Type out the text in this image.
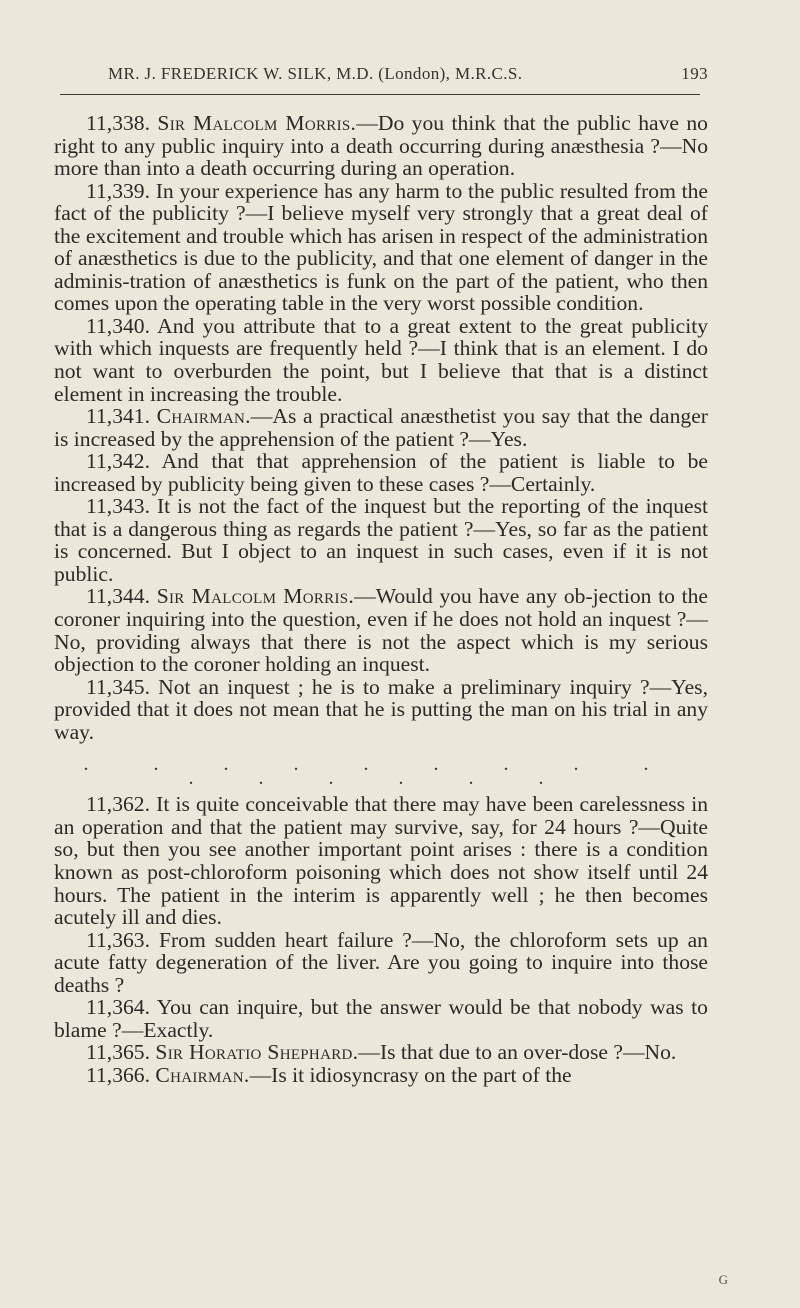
MR. J. FREDERICK W. SILK, M.D. (London), M.R.C.S.	193

11,338. Sir Malcolm Morris.—Do you think that the public have no right to any public inquiry into a death occurring during anæsthesia ?—No more than into a death occurring during an operation.

11,339. In your experience has any harm to the public resulted from the fact of the publicity ?—I believe myself very strongly that a great deal of the excitement and trouble which has arisen in respect of the administration of anæsthetics is due to the publicity, and that one element of danger in the adminis-tration of anæsthetics is funk on the part of the patient, who then comes upon the operating table in the very worst possible condition.

11,340. And you attribute that to a great extent to the great publicity with which inquests are frequently held ?—I think that is an element. I do not want to overburden the point, but I believe that that is a distinct element in increasing the trouble.

11,341. Chairman.—As a practical anæsthetist you say that the danger is increased by the apprehension of the patient ?—Yes.

11,342. And that that apprehension of the patient is liable to be increased by publicity being given to these cases ?—Certainly.

11,343. It is not the fact of the inquest but the reporting of the inquest that is a dangerous thing as regards the patient ?—Yes, so far as the patient is concerned. But I object to an inquest in such cases, even if it is not public.

11,344. Sir Malcolm Morris.—Would you have any ob-jection to the coroner inquiring into the question, even if he does not hold an inquest ?—No, providing always that there is not the aspect which is my serious objection to the coroner holding an inquest.

11,345. Not an inquest ; he is to make a preliminary inquiry ?—Yes, provided that it does not mean that he is putting the man on his trial in any way.

. . . . . . . . . . . . . . .

11,362. It is quite conceivable that there may have been carelessness in an operation and that the patient may survive, say, for 24 hours ?—Quite so, but then you see another important point arises : there is a condition known as post-chloroform poisoning which does not show itself until 24 hours. The patient in the interim is apparently well ; he then becomes acutely ill and dies.

11,363. From sudden heart failure ?—No, the chloroform sets up an acute fatty degeneration of the liver. Are you going to inquire into those deaths ?

11,364. You can inquire, but the answer would be that nobody was to blame ?—Exactly.

11,365. Sir Horatio Shephard.—Is that due to an over-dose ?—No.

11,366. Chairman.—Is it idiosyncrasy on the part of the

G
